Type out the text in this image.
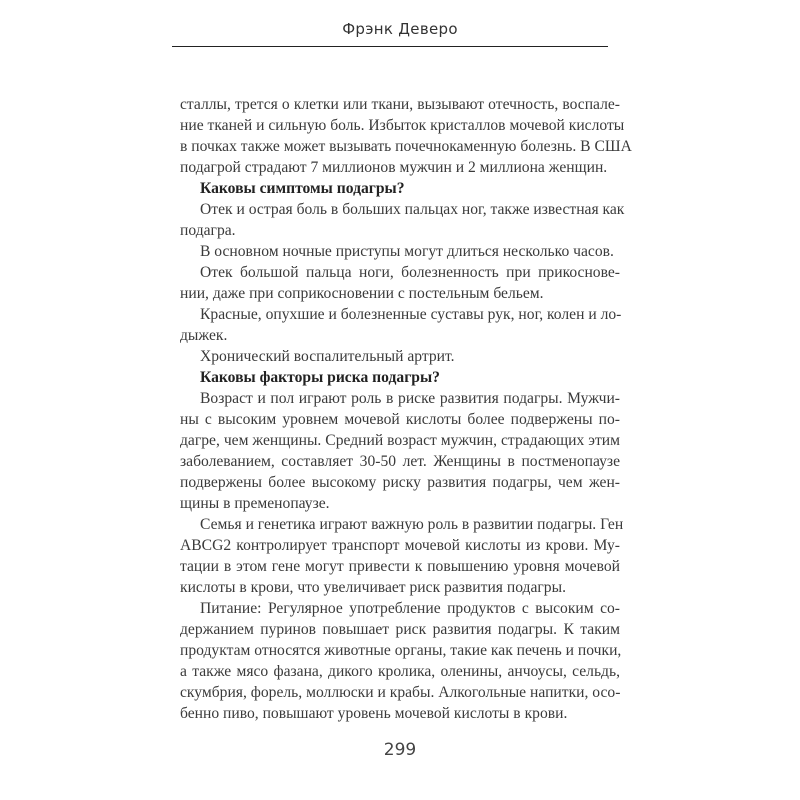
Фрэнк Деверо
сталлы, трется о клетки или ткани, вызывают отечность, воспале-
ние тканей и сильную боль. Избыток кристаллов мочевой кислоты
в почках также может вызывать почечнокаменную болезнь. В США
подагрой страдают 7 миллионов мужчин и 2 миллиона женщин.
Каковы симптомы подагры?
Отек и острая боль в больших пальцах ног, также известная как
подагра.
В основном ночные приступы могут длиться несколько часов.
Отек большой пальца ноги, болезненность при прикоснове-
нии, даже при соприкосновении с постельным бельем.
Красные, опухшие и болезненные суставы рук, ног, колен и ло-
дыжек.
Хронический воспалительный артрит.
Каковы факторы риска подагры?
Возраст и пол играют роль в риске развития подагры. Мужчи-
ны с высоким уровнем мочевой кислоты более подвержены по-
дагре, чем женщины. Средний возраст мужчин, страдающих этим
заболеванием, составляет 30-50 лет. Женщины в постменопаузе
подвержены более высокому риску развития подагры, чем жен-
щины в пременопаузе.
Семья и генетика играют важную роль в развитии подагры. Ген
ABCG2 контролирует транспорт мочевой кислоты из крови. Му-
тации в этом гене могут привести к повышению уровня мочевой
кислоты в крови, что увеличивает риск развития подагры.
Питание: Регулярное употребление продуктов с высоким со-
держанием пуринов повышает риск развития подагры. К таким
продуктам относятся животные органы, такие как печень и почки,
а также мясо фазана, дикого кролика, оленины, анчоусы, сельдь,
скумбрия, форель, моллюски и крабы. Алкогольные напитки, осо-
бенно пиво, повышают уровень мочевой кислоты в крови.
299
